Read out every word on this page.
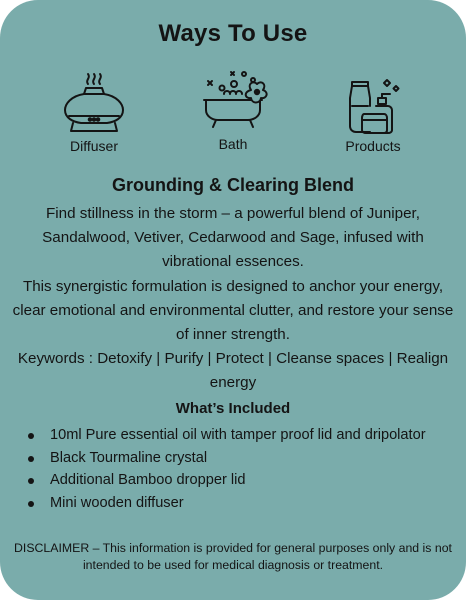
Ways To Use
Diffuser	Bath	Products
Grounding & Clearing Blend

Find stillness in the storm – a powerful blend of Juniper, Sandalwood, Vetiver, Cedarwood and Sage, infused with vibrational essences.

This synergistic formulation is designed to anchor your energy, clear emotional and environmental clutter, and restore your sense of inner strength.

Keywords : Detoxify | Purify | Protect | Cleanse spaces | Realign energy

What’s Included
10ml Pure essential oil with tamper proof lid and dripolator
Black Tourmaline crystal
Additional Bamboo dropper lid
Mini wooden diffuser
DISCLAIMER – This information is provided for general purposes only and is not intended to be used for medical diagnosis or treatment.
